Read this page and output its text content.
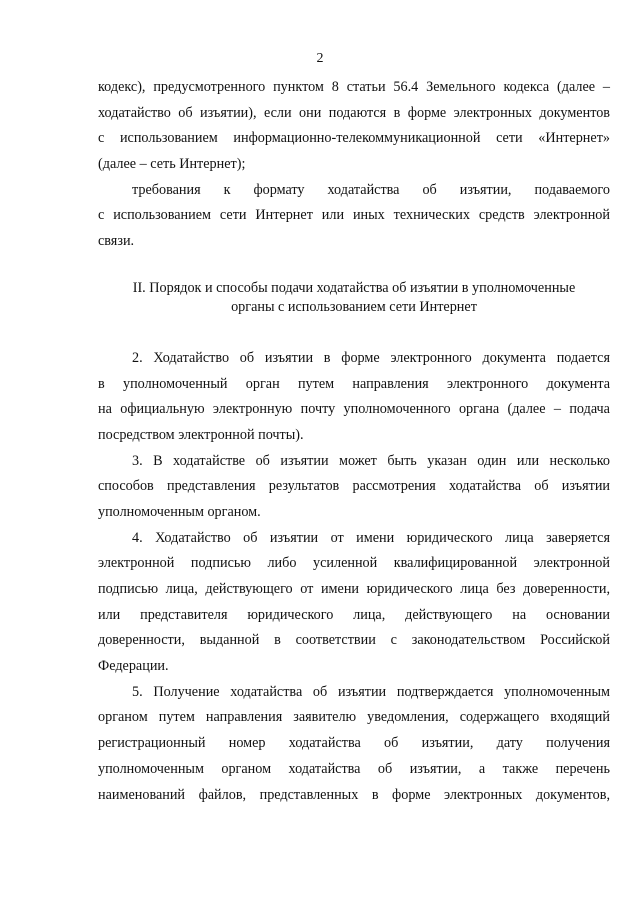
2

кодекс), предусмотренного пунктом 8 статьи 56.4 Земельного кодекса (далее –
ходатайство об изъятии), если они подаются в форме электронных документов
с использованием информационно-телекоммуникационной сети «Интернет»
(далее – сеть Интернет);

требования к формату ходатайства об изъятии, подаваемого
с использованием сети Интернет или иных технических средств электронной
связи.

II. Порядок и способы подачи ходатайства об изъятии в уполномоченные
органы с использованием сети Интернет

2. Ходатайство об изъятии в форме электронного документа подается
в уполномоченный орган путем направления электронного документа
на официальную электронную почту уполномоченного органа (далее – подача
посредством электронной почты).

3. В ходатайстве об изъятии может быть указан один или несколько
способов представления результатов рассмотрения ходатайства об изъятии
уполномоченным органом.

4. Ходатайство об изъятии от имени юридического лица заверяется
электронной подписью либо усиленной квалифицированной электронной
подписью лица, действующего от имени юридического лица без доверенности,
или представителя юридического лица, действующего на основании
доверенности, выданной в соответствии с законодательством Российской
Федерации.

5. Получение ходатайства об изъятии подтверждается уполномоченным
органом путем направления заявителю уведомления, содержащего входящий
регистрационный номер ходатайства об изъятии, дату получения
уполномоченным органом ходатайства об изъятии, а также перечень
наименований файлов, представленных в форме электронных документов,
